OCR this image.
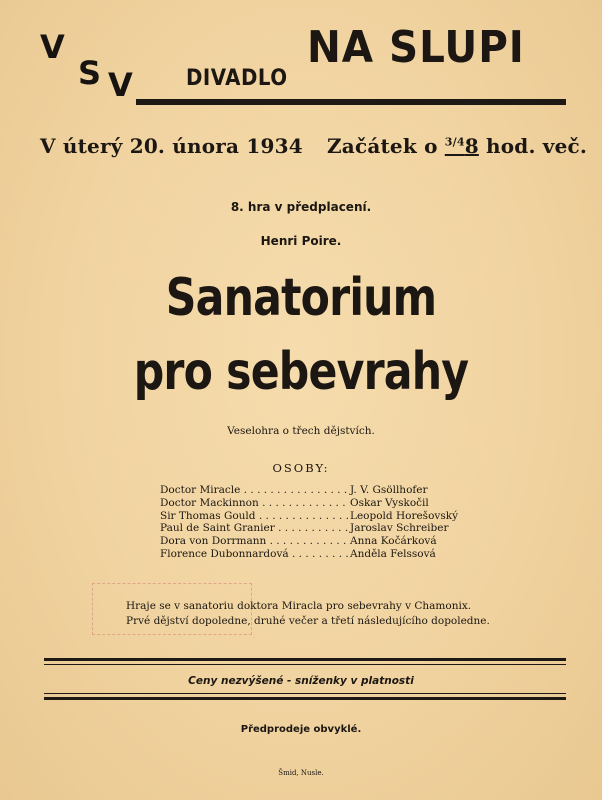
V
S V DIVADLO
NA SLUPI
V úterý 20. února 1934 Začátek o $^{3/4}$8 hod. več.
8. hra v předplacení.
Henri Poire.
Sanatorium
pro sebevrahy
Veselohra o třech dějstvích.
OSOBY:
Doctor Miracle . . .	J. V. Gsöllhofer
Doctor Mackinnon . . .	Oskar Vyskočil
Sir Thomas Gould . . .	Leopold Horešovský
Paul de Saint Granier . . .	Jaroslav Schreiber
Dora von Dorrmann . . .	Anna Kočárková
Florence Dubonnardová . . .	Anděla Felssová
Hraje se v sanatoriu doktora Miracla pro sebevrahy v Chamonix.
Prvé dějství dopoledne, druhé večer a třetí následujícího dopoledne.
Ceny nezvýšené - snížen‌ky v platnosti
Předprodeje obvyklé.
Šmid, Nusle.
